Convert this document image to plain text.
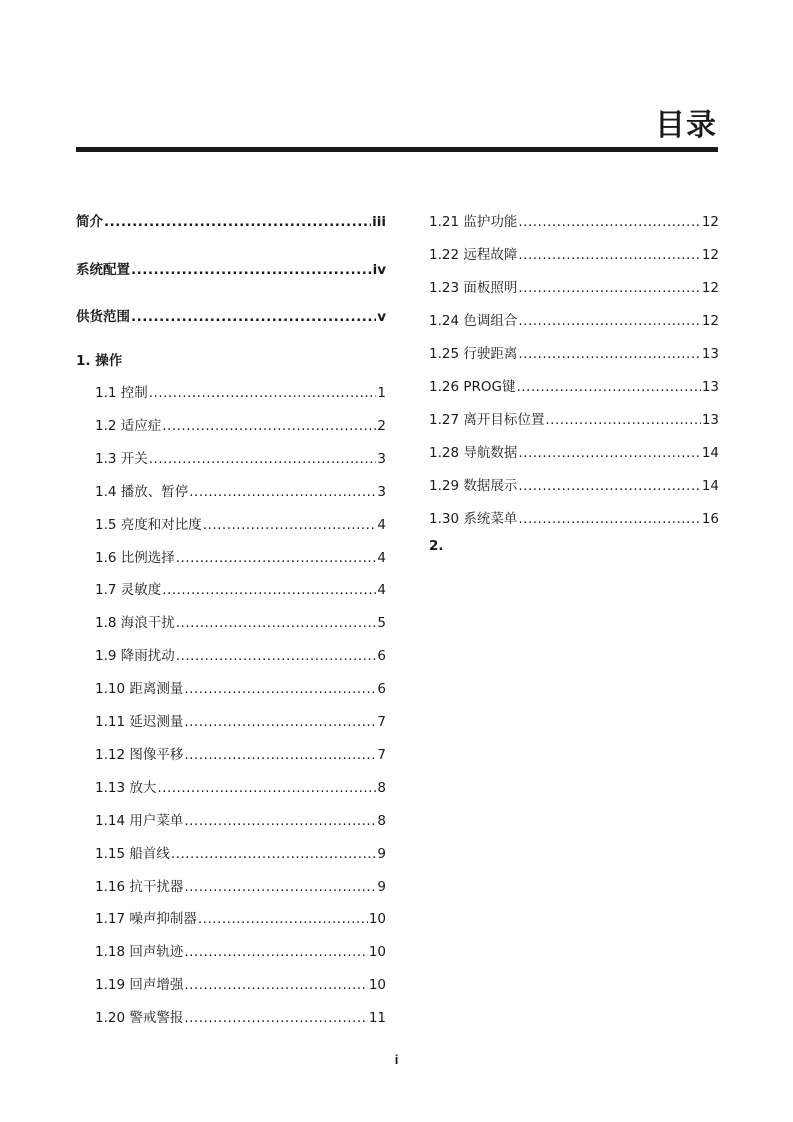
目录
1. 操作
简介 .....	iii
系统配置 .....	iv
供货范围 .....	v
1.1 控制 .....	1
1.2 适应症 .....	2
1.3 开关 .....	3
1.4 播放、暂停 .....	3
1.5 亮度和对比度 .....	4
1.6 比例选择 .....	4
1.7 灵敏度 .....	4
1.8 海浪干扰 .....	5
1.9 降雨扰动 .....	6
1.10 距离测量 .....	6
1.11 延迟测量 .....	7
1.12 图像平移 .....	7
1.13 放大 .....	8
1.14 用户菜单 .....	8
1.15 船首线 .....	9
1.16 抗干扰器 .....	9
1.17 噪声抑制器 .....	10
1.18 回声轨迹 .....	10
1.19 回声增强 .....	10
1.20 警戒警报 .....	11
2.
1.21 监护功能 .....	12
1.22 远程故障 .....	12
1.23 面板照明 .....	12
1.24 色调组合 .....	12
1.25 行驶距离 .....	13
1.26 PROG键 .....	13
1.27 离开目标位置 .....	13
1.28 导航数据 .....	14
1.29 数据展示 .....	14
1.30 系统菜单 .....	16
i
